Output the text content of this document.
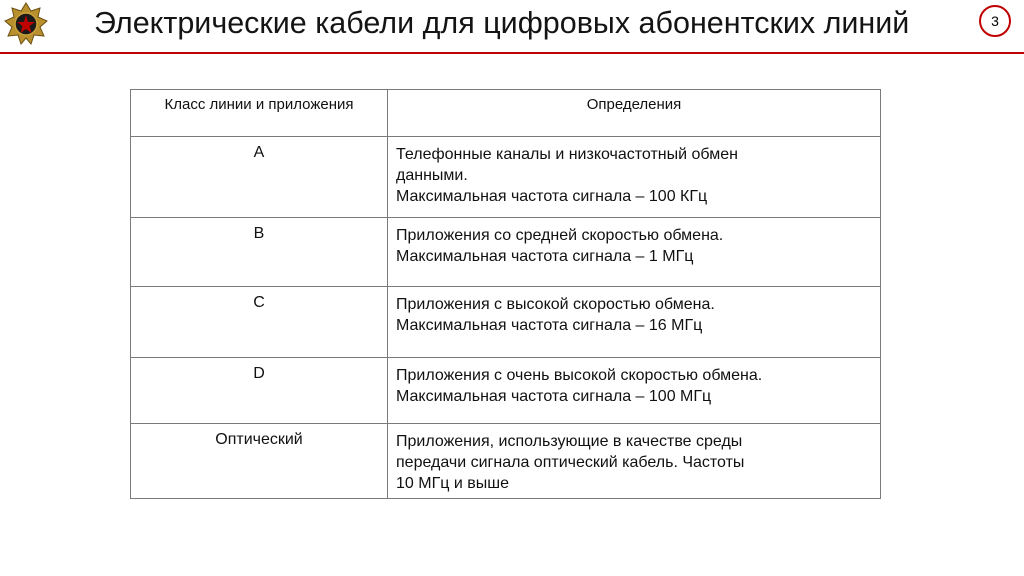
Электрические кабели для цифровых абонентских линий	3
Класс линии и приложения	Определения

A	Телефонные каналы и низкочастотный обмен
данными.
Максимальная частота сигнала – 100 КГц

B	Приложения со средней скоростью обмена.
Максимальная частота сигнала – 1 МГц

C	Приложения с высокой скоростью обмена.
Максимальная частота сигнала – 16 МГц

D	Приложения с очень высокой скоростью обмена.
Максимальная частота сигнала – 100 МГц

Оптический	Приложения, использующие в качестве среды
передачи сигнала оптический кабель. Частоты
10 МГц и выше
